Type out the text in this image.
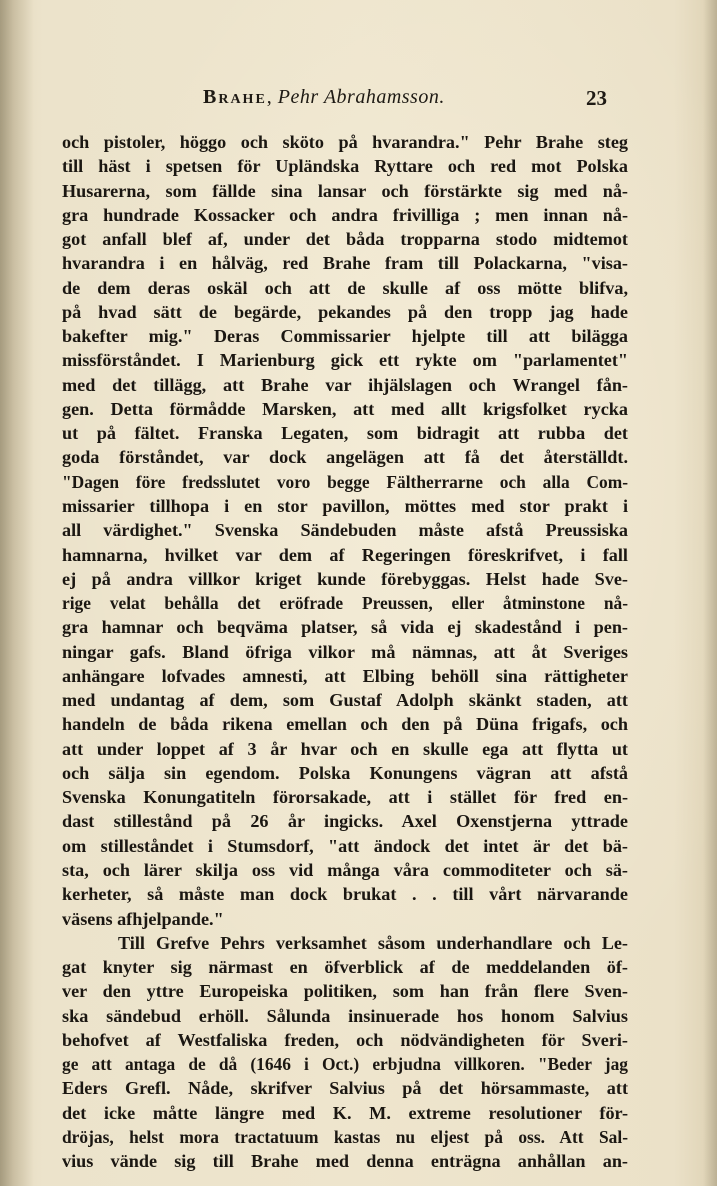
Brahe, Pehr Abrahamsson.	23
och pistoler, höggo och sköto på hvarandra." Pehr Brahe steg
till häst i spetsen för Upländska Ryttare och red mot Polska
Husarerna, som fällde sina lansar och förstärkte sig med nå-
gra hundrade Kossacker och andra frivilliga ; men innan nå-
got anfall blef af, under det båda tropparna stodo midtemot
hvarandra i en hålväg, red Brahe fram till Polackarna, "visa-
de dem deras oskäl och att de skulle af oss mötte blifva,
på hvad sätt de begärde, pekandes på den tropp jag hade
bakefter mig." Deras Commissarier hjelpte till att bilägga
missförståndet. I Marienburg gick ett rykte om "parlamentet"
med det tillägg, att Brahe var ihjälslagen och Wrangel fån-
gen. Detta förmådde Marsken, att med allt krigsfolket rycka
ut på fältet. Franska Legaten, som bidragit att rubba det
goda förståndet, var dock angelägen att få det återställdt.
"Dagen före fredsslutet voro begge Fältherrarne och alla Com-
missarier tillhopa i en stor pavillon, möttes med stor prakt i
all värdighet." Svenska Sändebuden måste afstå Preussiska
hamnarna, hvilket var dem af Regeringen föreskrifvet, i fall
ej på andra villkor kriget kunde förebyggas. Helst hade Sve-
rige velat behålla det eröfrade Preussen, eller åtminstone nå-
gra hamnar och beqväma platser, så vida ej skadestånd i pen-
ningar gafs. Bland öfriga vilkor må nämnas, att åt Sveriges
anhängare lofvades amnesti, att Elbing behöll sina rättigheter
med undantag af dem, som Gustaf Adolph skänkt staden, att
handeln de båda rikena emellan och den på Düna frigafs, och
att under loppet af 3 år hvar och en skulle ega att flytta ut
och sälja sin egendom. Polska Konungens vägran att afstå
Svenska Konungatiteln förorsakade, att i stället för fred en-
dast stillestånd på 26 år ingicks. Axel Oxenstjerna yttrade
om stilleståndet i Stumsdorf, "att ändock det intet är det bä-
sta, och lärer skilja oss vid många våra commoditeter och sä-
kerheter, så måste man dock brukat . . till vårt närvarande
väsens afhjelpande."
Till Grefve Pehrs verksamhet såsom underhandlare och Le-
gat knyter sig närmast en öfverblick af de meddelanden öf-
ver den yttre Europeiska politiken, som han från flere Sven-
ska sändebud erhöll. Sålunda insinuerade hos honom Salvius
behofvet af Westfaliska freden, och nödvändigheten för Sveri-
ge att antaga de då (1646 i Oct.) erbjudna villkoren. "Beder jag
Eders Grefl. Nåde, skrifver Salvius på det hörsammaste, att
det icke måtte längre med K. M. extreme resolutioner för-
dröjas, helst mora tractatuum kastas nu eljest på oss. Att Sal-
vius vände sig till Brahe med denna enträgna anhållan an-
